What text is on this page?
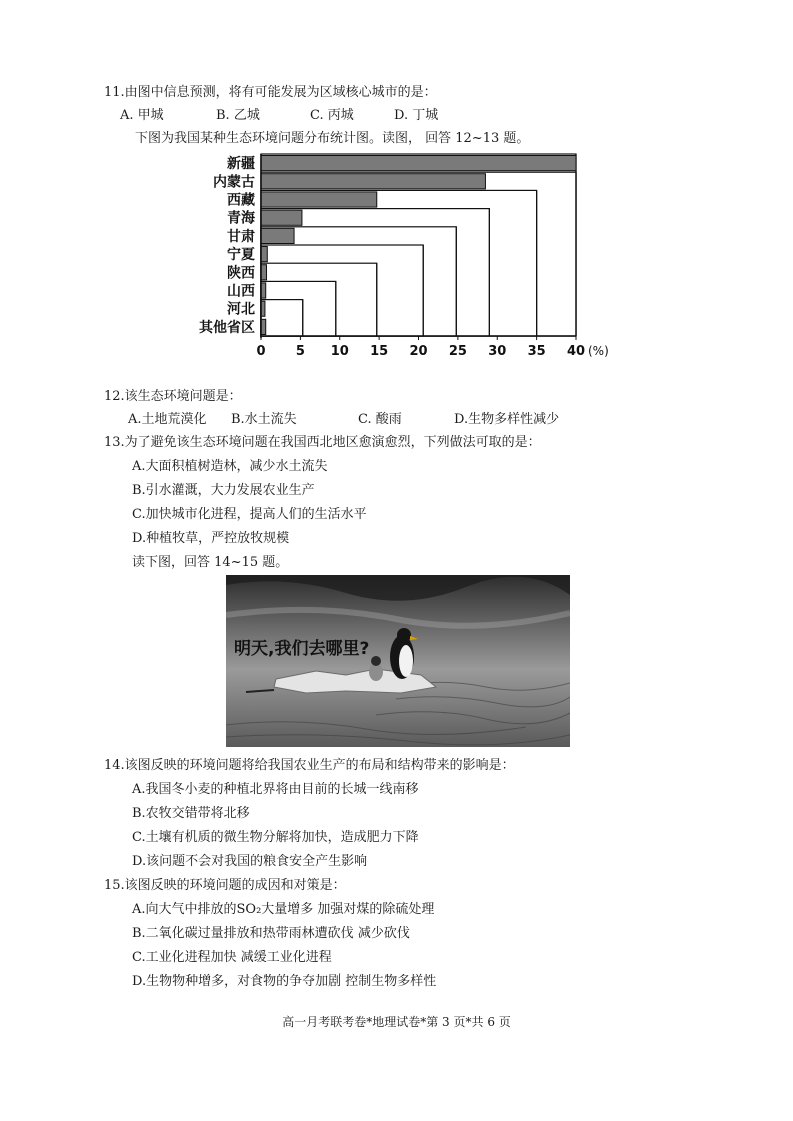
11.由图中信息预测，将有可能发展为区域核心城市的是：
A. 甲城	B. 乙城	C. 丙城	D. 丁城
下图为我国某种生态环境问题分布统计图。读图， 回答 12~13 题。
新疆
内蒙古
西藏
青海
甘肃
宁夏
陕西
山西
河北
其他省区
0 5 10 15 20 25 30 35 40 (%)
12.该生态环境问题是：
A.土地荒漠化 B.水土流失	C. 酸雨	D.生物多样性减少
13.为了避免该生态环境问题在我国西北地区愈演愈烈，下列做法可取的是：
A.大面积植树造林，减少水土流失
B.引水灌溉，大力发展农业生产
C.加快城市化进程，提高人们的生活水平
D.种植牧草，严控放牧规模
读下图，回答 14~15 题。
明天,我们去哪里?
14.该图反映的环境问题将给我国农业生产的布局和结构带来的影响是：
A.我国冬小麦的种植北界将由目前的长城一线南移
B.农牧交错带将北移
C.土壤有机质的微生物分解将加快，造成肥力下降
D.该问题不会对我国的粮食安全产生影响
15.该图反映的环境问题的成因和对策是：
A.向大气中排放的SO₂大量增多 加强对煤的除硫处理
B.二氧化碳过量排放和热带雨林遭砍伐 减少砍伐
C.工业化进程加快 减缓工业化进程
D.生物物种增多，对食物的争夺加剧 控制生物多样性
高一月考联考卷*地理试卷*第 3 页*共 6 页
